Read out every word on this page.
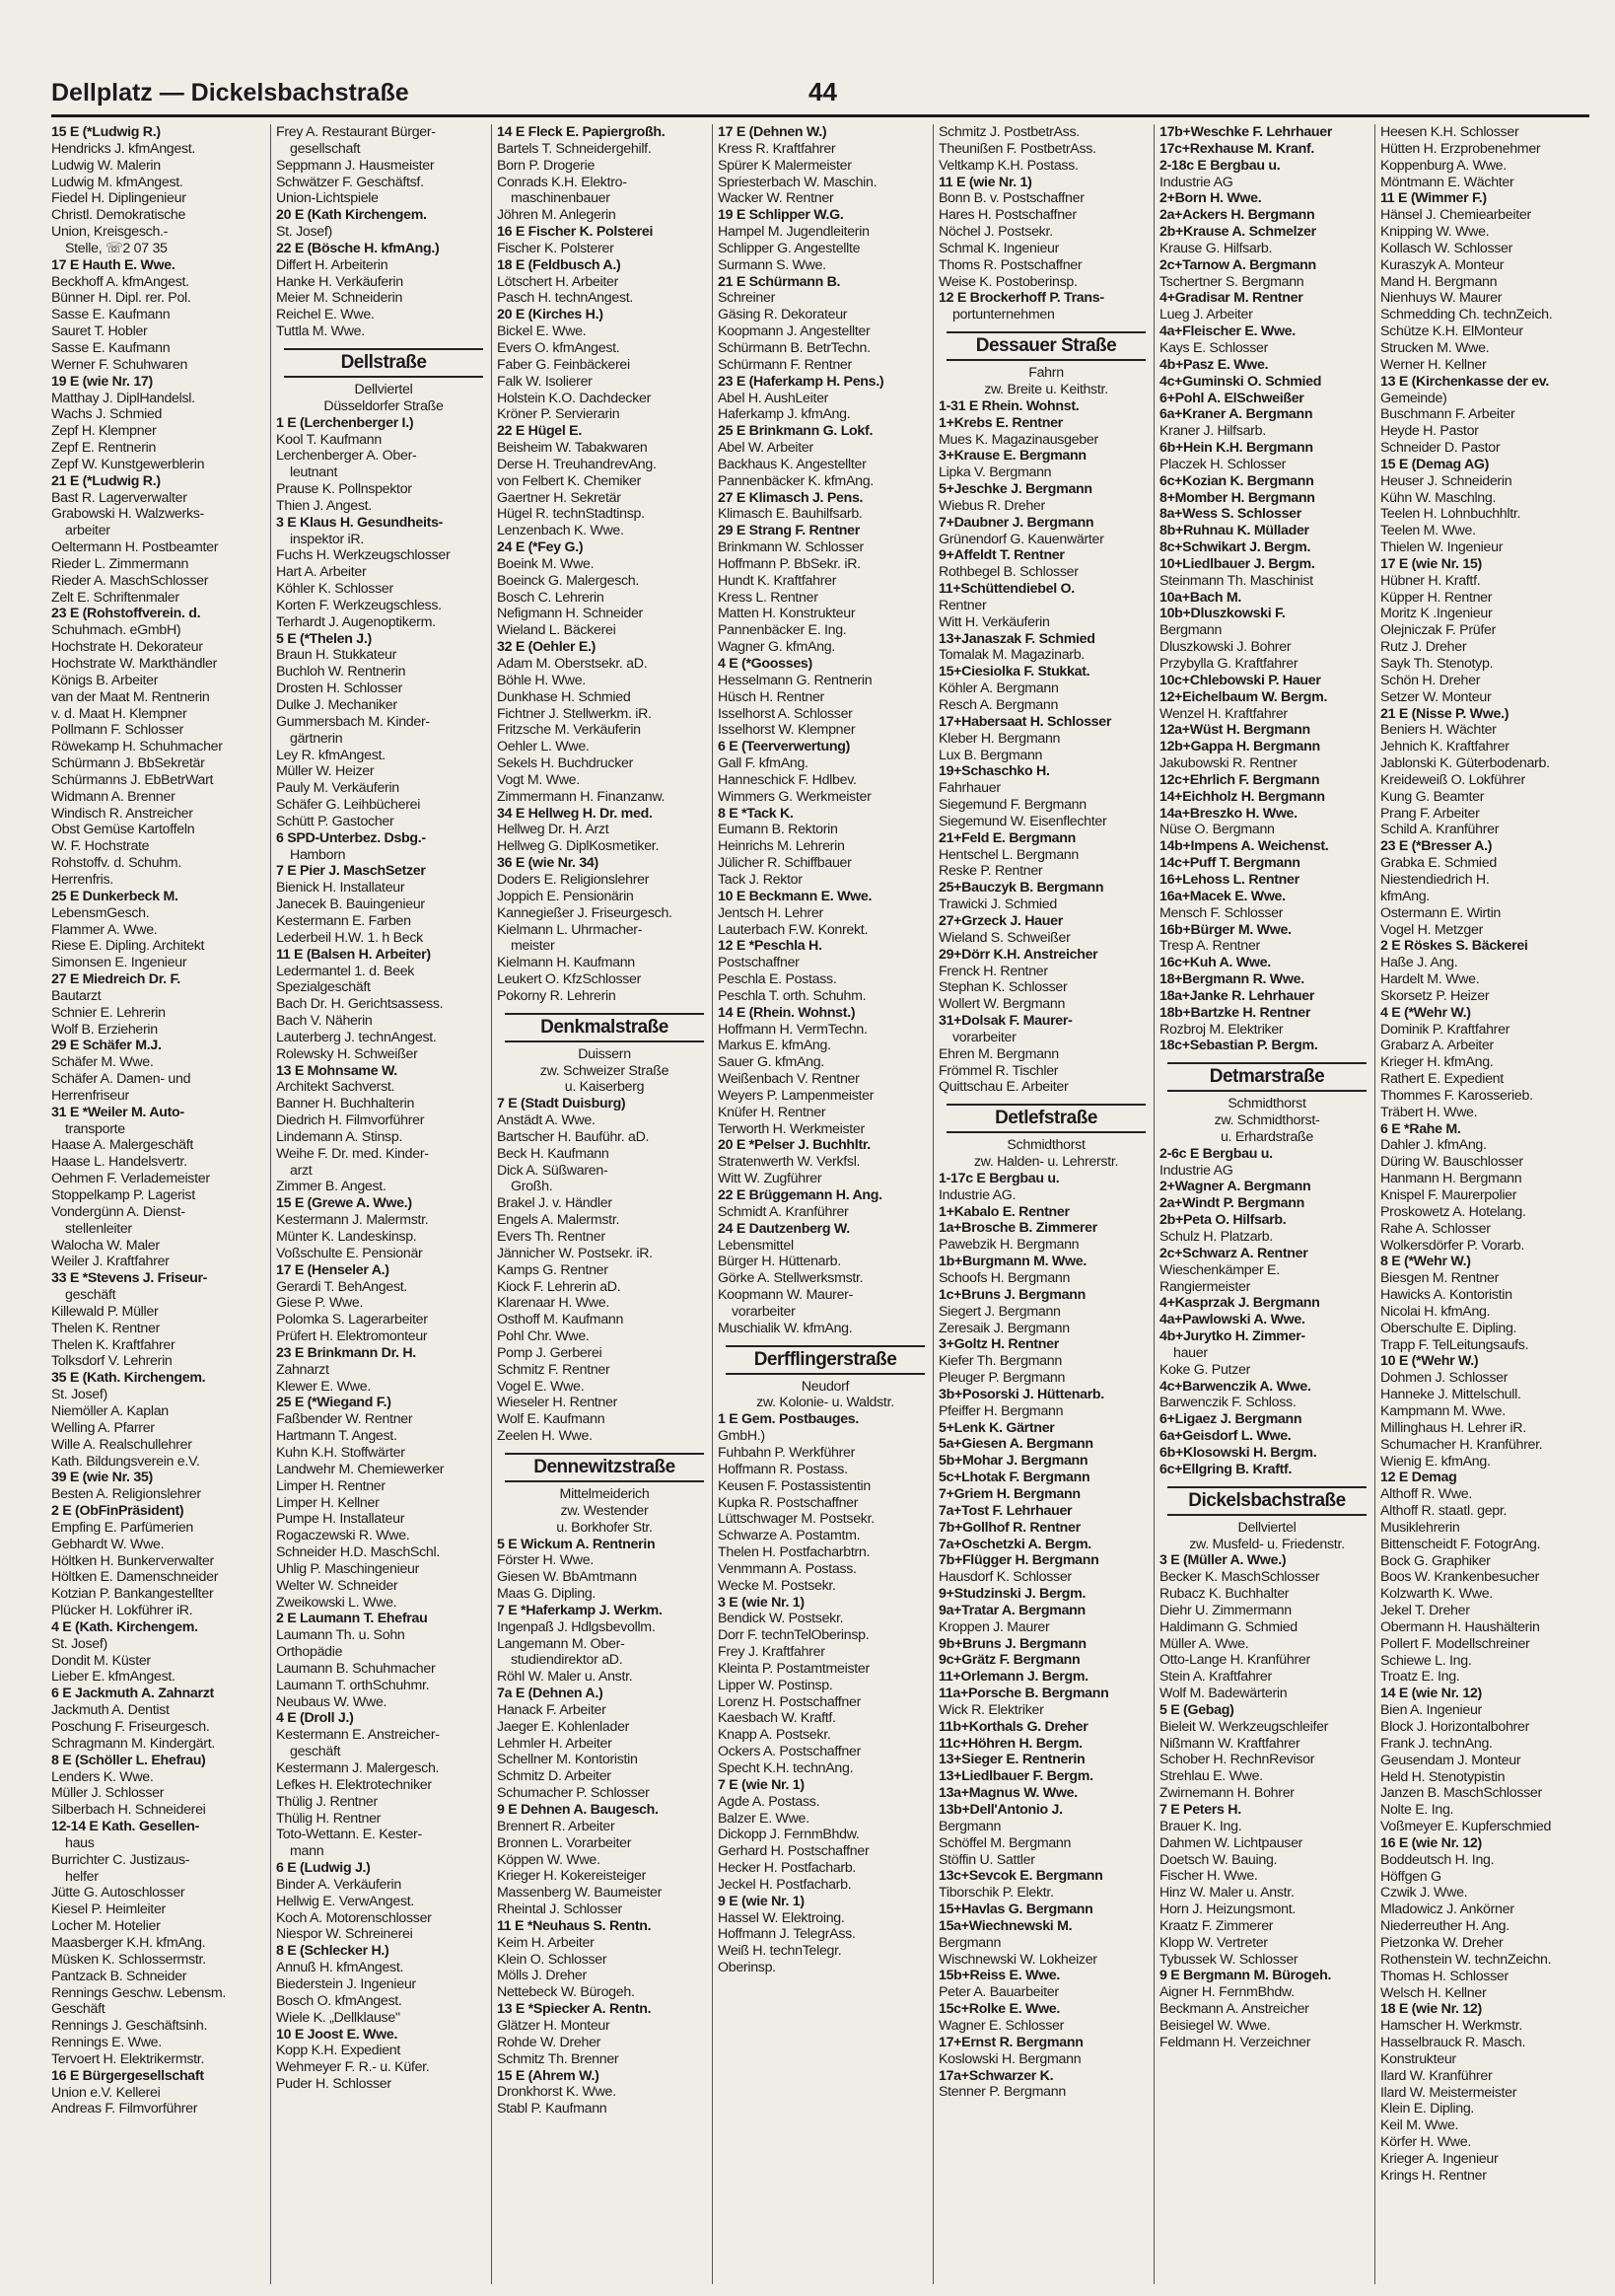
Dellplatz — Dickelsbachstraße	44
15 E (*Ludwig R.)
Hendricks J. kfmAngest.
Ludwig W. Malerin
Ludwig M. kfmAngest.
Fiedel H. Diplingenieur
Christl. Demokratische
Union, Kreisgesch.-
Stelle, ☏2 07 35
17 E Hauth E. Wwe.
Beckhoff A. kfmAngest.
Bünner H. Dipl. rer. Pol.
Sasse E. Kaufmann
Sauret T. Hobler
Sasse E. Kaufmann
Werner F. Schuhwaren
19 E (wie Nr. 17)
Matthay J. DiplHandelsl.
Wachs J. Schmied
Zepf H. Klempner
Zepf E. Rentnerin
Zepf W. Kunstgewerblerin
21 E (*Ludwig R.)
Bast R. Lagerverwalter
Grabowski H. Walzwerks-
arbeiter
Oeltermann H. Postbeamter
Rieder L. Zimmermann
Rieder A. MaschSchlosser
Zelt E. Schriftenmaler
23 E (Rohstoffverein. d.
Schuhmach. eGmbH)
Hochstrate H. Dekorateur
Hochstrate W. Markthändler
Königs B. Arbeiter
van der Maat M. Rentnerin
v. d. Maat H. Klempner
Pollmann F. Schlosser
Röwekamp H. Schuhmacher
Schürmann J. BbSekretär
Schürmanns J. EbBetrWart
Widmann A. Brenner
Windisch R. Anstreicher
Obst Gemüse Kartoffeln
W. F. Hochstrate
Rohstoffv. d. Schuhm.
Herrenfris.
25 E Dunkerbeck M.
LebensmGesch.
Flammer A. Wwe.
Riese E. Dipling. Architekt
Simonsen E. Ingenieur
27 E Miedreich Dr. F.
Bautarzt
Schnier E. Lehrerin
Wolf B. Erzieherin
29 E Schäfer M.J.
Schäfer M. Wwe.
Schäfer A. Damen- und
Herrenfriseur
31 E *Weiler M. Auto-
transporte
Haase A. Malergeschäft
Haase L. Handelsvertr.
Oehmen F. Verlademeister
Stoppelkamp P. Lagerist
Vondergünn A. Dienst-
stellenleiter
Walocha W. Maler
Weiler J. Kraftfahrer
33 E *Stevens J. Friseur-
geschäft
Killewald P. Müller
Thelen K. Rentner
Thelen K. Kraftfahrer
Tolksdorf V. Lehrerin
35 E (Kath. Kirchengem.
St. Josef)
Niemöller A. Kaplan
Welling A. Pfarrer
Wille A. Realschullehrer
Kath. Bildungsverein e.V.
39 E (wie Nr. 35)
Besten A. Religionslehrer
2 E (ObFinPräsident)
Empfing E. Parfümerien
Gebhardt W. Wwe.
Höltken H. Bunkerverwalter
Höltken E. Damenschneider
Kotzian P. Bankangestellter
Plücker H. Lokführer iR.
4 E (Kath. Kirchengem.
St. Josef)
Dondit M. Küster
Lieber E. kfmAngest.
6 E Jackmuth A. Zahnarzt
Jackmuth A. Dentist
Poschung F. Friseurgesch.
Schragmann M. Kindergärt.
8 E (Schöller L. Ehefrau)
Lenders K. Wwe.
Müller J. Schlosser
Silberbach H. Schneiderei
12-14 E Kath. Gesellen-
haus
Burrichter C. Justizaus-
helfer
Jütte G. Autoschlosser
Kiesel P. Heimleiter
Locher M. Hotelier
Maasberger K.H. kfmAng.
Müsken K. Schlossermstr.
Pantzack B. Schneider
Rennings Geschw. Lebensm.
Geschäft
Rennings J. Geschäftsinh.
Rennings E. Wwe.
Tervoert H. Elektrikermstr.
16 E Bürgergesellschaft
Union e.V. Kellerei
Andreas F. Filmvorführer
Frey A. Restaurant Bürger-
gesellschaft
Seppmann J. Hausmeister
Schwätzer F. Geschäftsf.
Union-Lichtspiele
20 E (Kath Kirchengem.
St. Josef)
22 E (Bösche H. kfmAng.)
Differt H. Arbeiterin
Hanke H. Verkäuferin
Meier M. Schneiderin
Reichel E. Wwe.
Tuttla M. Wwe.
Dellstraße
Dellviertel
Düsseldorfer Straße
1 E (Lerchenberger I.)
Kool T. Kaufmann
Lerchenberger A. Ober-
leutnant
Prause K. Pollnspektor
Thien J. Angest.
3 E Klaus H. Gesundheits-
inspektor iR.
Fuchs H. Werkzeugschlosser
Hart A. Arbeiter
Köhler K. Schlosser
Korten F. Werkzeugschless.
Terhardt J. Augenoptikerm.
5 E (*Thelen J.)
Braun H. Stukkateur
Buchloh W. Rentnerin
Drosten H. Schlosser
Dulke J. Mechaniker
Gummersbach M. Kinder-
gärtnerin
Ley R. kfmAngest.
Müller W. Heizer
Pauly M. Verkäuferin
Schäfer G. Leihbücherei
Schütt P. Gastocher
6 SPD-Unterbez. Dsbg.-
Hamborn
7 E Pier J. MaschSetzer
Bienick H. Installateur
Janecek B. Bauingenieur
Kestermann E. Farben
Lederbeil H.W. 1. h Beck
11 E (Balsen H. Arbeiter)
Ledermantel 1. d. Beek
Spezialgeschäft
Bach Dr. H. Gerichtsassess.
Bach V. Näherin
Lauterberg J. technAngest.
Rolewsky H. Schweißer
13 E Mohnsame W.
Architekt Sachverst.
Banner H. Buchhalterin
Diedrich H. Filmvorführer
Lindemann A. Stinsp.
Weihe F. Dr. med. Kinder-
arzt
Zimmer B. Angest.
15 E (Grewe A. Wwe.)
Kestermann J. Malermstr.
Münter K. Landeskinsp.
Voßschulte E. Pensionär
17 E (Henseler A.)
Gerardi T. BehAngest.
Giese P. Wwe.
Polomka S. Lagerarbeiter
Prüfert H. Elektromonteur
23 E Brinkmann Dr. H.
Zahnarzt
Klewer E. Wwe.
25 E (*Wiegand F.)
Faßbender W. Rentner
Hartmann T. Angest.
Kuhn K.H. Stoffwärter
Landwehr M. Chemiewerker
Limper H. Rentner
Limper H. Kellner
Pumpe H. Installateur
Rogaczewski R. Wwe.
Schneider H.D. MaschSchl.
Uhlig P. Maschingenieur
Welter W. Schneider
Zweikowski L. Wwe.
2 E Laumann T. Ehefrau
Laumann Th. u. Sohn
Orthopädie
Laumann B. Schuhmacher
Laumann T. orthSchuhmr.
Neubaus W. Wwe.
4 E (Droll J.)
Kestermann E. Anstreicher-
geschäft
Kestermann J. Malergesch.
Lefkes H. Elektrotechniker
Thülig J. Rentner
Thülig H. Rentner
Toto-Wettann. E. Kester-
mann
6 E (Ludwig J.)
Binder A. Verkäuferin
Hellwig E. VerwAngest.
Koch A. Motorenschlosser
Niespor W. Schreinerei
8 E (Schlecker H.)
Annuß H. kfmAngest.
Biederstein J. Ingenieur
Bosch O. kfmAngest.
Wiele K. „Dellklause"
10 E Joost E. Wwe.
Kopp K.H. Expedient
Wehmeyer F. R.- u. Küfer.
Puder H. Schlosser
14 E Fleck E. Papiergroßh.
Bartels T. Schneidergehilf.
Born P. Drogerie
Conrads K.H. Elektro-
maschinenbauer
Jöhren M. Anlegerin
16 E Fischer K. Polsterei
Fischer K. Polsterer
18 E (Feldbusch A.)
Lötschert H. Arbeiter
Pasch H. technAngest.
20 E (Kirches H.)
Bickel E. Wwe.
Evers O. kfmAngest.
Faber G. Feinbäckerei
Falk W. Isolierer
Holstein K.O. Dachdecker
Kröner P. Servierarin
22 E Hügel E.
Beisheim W. Tabakwaren
Derse H. TreuhandrevAng.
von Felbert K. Chemiker
Gaertner H. Sekretär
Hügel R. technStadtinsp.
Lenzenbach K. Wwe.
24 E (*Fey G.)
Boeink M. Wwe.
Boeinck G. Malergesch.
Bosch C. Lehrerin
Nefigmann H. Schneider
Wieland L. Bäckerei
32 E (Oehler E.)
Adam M. Oberstsekr. aD.
Böhle H. Wwe.
Dunkhase H. Schmied
Fichtner J. Stellwerkm. iR.
Fritzsche M. Verkäuferin
Oehler L. Wwe.
Sekels H. Buchdrucker
Vogt M. Wwe.
Zimmermann H. Finanzanw.
34 E Hellweg H. Dr. med.
Hellweg Dr. H. Arzt
Hellweg G. DiplKosmetiker.
36 E (wie Nr. 34)
Doders E. Religionslehrer
Joppich E. Pensionärin
Kannegießer J. Friseurgesch.
Kielmann L. Uhrmacher-
meister
Kielmann H. Kaufmann
Leukert O. KfzSchlosser
Pokorny R. Lehrerin
Denkmalstraße
Duissern
zw. Schweizer Straße
u. Kaiserberg
7 E (Stadt Duisburg)
Anstädt A. Wwe.
Bartscher H. Bauführ. aD.
Beck H. Kaufmann
Dick A. Süßwaren-
Großh.
Brakel J. v. Händler
Engels A. Malermstr.
Evers Th. Rentner
Jännicher W. Postsekr. iR.
Kamps G. Rentner
Kiock F. Lehrerin aD.
Klarenaar H. Wwe.
Osthoff M. Kaufmann
Pohl Chr. Wwe.
Pomp J. Gerberei
Schmitz F. Rentner
Vogel E. Wwe.
Wieseler H. Rentner
Wolf E. Kaufmann
Zeelen H. Wwe.
Dennewitzstraße
Mittelmeiderich
zw. Westender
u. Borkhofer Str.
5 E Wickum A. Rentnerin
Förster H. Wwe.
Giesen W. BbAmtmann
Maas G. Dipling.
7 E *Haferkamp J. Werkm.
Ingenpaß J. Hdlgsbevollm.
Langemann M. Ober-
studiendirektor aD.
Röhl W. Maler u. Anstr.
7a E (Dehnen A.)
Hanack F. Arbeiter
Jaeger E. Kohlenlader
Lehmler H. Arbeiter
Schellner M. Kontoristin
Schmitz D. Arbeiter
Schumacher P. Schlosser
9 E Dehnen A. Baugesch.
Brennert R. Arbeiter
Bronnen L. Vorarbeiter
Köppen W. Wwe.
Krieger H. Kokereisteiger
Massenberg W. Baumeister
Rheintal J. Schlosser
11 E *Neuhaus S. Rentn.
Keim H. Arbeiter
Klein O. Schlosser
Mölls J. Dreher
Nettebeck W. Bürogeh.
13 E *Spiecker A. Rentn.
Glätzer H. Monteur
Rohde W. Dreher
Schmitz Th. Brenner
15 E (Ahrem W.)
Dronkhorst K. Wwe.
Stabl P. Kaufmann
17 E (Dehnen W.)
Kress R. Kraftfahrer
Spürer K Malermeister
Spriesterbach W. Maschin.
Wacker W. Rentner
19 E Schlipper W.G.
Hampel M. Jugendleiterin
Schlipper G. Angestellte
Surmann S. Wwe.
21 E Schürmann B.
Schreiner
Gäsing R. Dekorateur
Koopmann J. Angestellter
Schürmann B. BetrTechn.
Schürmann F. Rentner
23 E (Haferkamp H. Pens.)
Abel H. AushLeiter
Haferkamp J. kfmAng.
25 E Brinkmann G. Lokf.
Abel W. Arbeiter
Backhaus K. Angestellter
Pannenbäcker K. kfmAng.
27 E Klimasch J. Pens.
Klimasch E. Bauhilfsarb.
29 E Strang F. Rentner
Brinkmann W. Schlosser
Hoffmann P. BbSekr. iR.
Hundt K. Kraftfahrer
Kress L. Rentner
Matten H. Konstrukteur
Pannenbäcker E. Ing.
Wagner G. kfmAng.
4 E (*Goosses)
Hesselmann G. Rentnerin
Hüsch H. Rentner
Isselhorst A. Schlosser
Isselhorst W. Klempner
6 E (Teerverwertung)
Gall F. kfmAng.
Hanneschick F. Hdlbev.
Wimmers G. Werkmeister
8 E *Tack K.
Eumann B. Rektorin
Heinrichs M. Lehrerin
Jülicher R. Schiffbauer
Tack J. Rektor
10 E Beckmann E. Wwe.
Jentsch H. Lehrer
Lauterbach F.W. Konrekt.
12 E *Peschla H.
Postschaffner
Peschla E. Postass.
Peschla T. orth. Schuhm.
14 E (Rhein. Wohnst.)
Hoffmann H. VermTechn.
Markus E. kfmAng.
Sauer G. kfmAng.
Weißenbach V. Rentner
Weyers P. Lampenmeister
Knüfer H. Rentner
Terworth H. Werkmeister
20 E *Pelser J. Buchhltr.
Stratenwerth W. Verkfsl.
Witt W. Zugführer
22 E Brüggemann H. Ang.
Schmidt A. Kranführer
24 E Dautzenberg W.
Lebensmittel
Bürger H. Hüttenarb.
Görke A. Stellwerksmstr.
Koopmann W. Maurer-
vorarbeiter
Muschialik W. kfmAng.
Derfflingerstraße
Neudorf
zw. Kolonie- u. Waldstr.
1 E Gem. Postbauges.
GmbH.)
Fuhbahn P. Werkführer
Hoffmann R. Postass.
Keusen F. Postassistentin
Kupka R. Postschaffner
Lüttschwager M. Postsekr.
Schwarze A. Postamtm.
Thelen H. Postfacharbtrn.
Venmmann A. Postass.
Wecke M. Postsekr.
3 E (wie Nr. 1)
Bendick W. Postsekr.
Dorr F. technTelOberinsp.
Frey J. Kraftfahrer
Kleinta P. Postamtmeister
Lipper W. Postinsp.
Lorenz H. Postschaffner
Kaesbach W. Kraftf.
Knapp A. Postsekr.
Ockers A. Postschaffner
Specht K.H. technAng.
7 E (wie Nr. 1)
Agde A. Postass.
Balzer E. Wwe.
Dickopp J. FernmBhdw.
Gerhard H. Postschaffner
Hecker H. Postfacharb.
Jeckel H. Postfacharb.
9 E (wie Nr. 1)
Hassel W. Elektroing.
Hoffmann J. TelegrAss.
Weiß H. technTelegr.
Oberinsp.
Schmitz J. PostbetrAss.
Theunißen F. PostbetrAss.
Veltkamp K.H. Postass.
11 E (wie Nr. 1)
Bonn B. v. Postschaffner
Hares H. Postschaffner
Nöchel J. Postsekr.
Schmal K. Ingenieur
Thoms R. Postschaffner
Weise K. Postoberinsp.
12 E Brockerhoff P. Trans-
portunternehmen
Dessauer Straße
Fahrn
zw. Breite u. Keithstr.
1-31 E Rhein. Wohnst.
1+Krebs E. Rentner
Mues K. Magazinausgeber
3+Krause E. Bergmann
Lipka V. Bergmann
5+Jeschke J. Bergmann
Wiebus R. Dreher
7+Daubner J. Bergmann
Grünendorf G. Kauenwärter
9+Affeldt T. Rentner
Rothbegel B. Schlosser
11+Schüttendiebel O.
Rentner
Witt H. Verkäuferin
13+Janaszak F. Schmied
Tomalak M. Magazinarb.
15+Ciesiolka F. Stukkat.
Köhler A. Bergmann
Resch A. Bergmann
17+Habersaat H. Schlosser
Kleber H. Bergmann
Lux B. Bergmann
19+Schaschko H.
Fahrhauer
Siegemund F. Bergmann
Siegemund W. Eisenflechter
21+Feld E. Bergmann
Hentschel L. Bergmann
Reske P. Rentner
25+Bauczyk B. Bergmann
Trawicki J. Schmied
27+Grzeck J. Hauer
Wieland S. Schweißer
29+Dörr K.H. Anstreicher
Frenck H. Rentner
Stephan K. Schlosser
Wollert W. Bergmann
31+Dolsak F. Maurer-
vorarbeiter
Ehren M. Bergmann
Frömmel R. Tischler
Quittschau E. Arbeiter
Detlefstraße
Schmidthorst
zw. Halden- u. Lehrerstr.
1-17c E Bergbau u.
Industrie AG.
1+Kabalo E. Rentner
1a+Brosche B. Zimmerer
Pawebzik H. Bergmann
1b+Burgmann M. Wwe.
Schoofs H. Bergmann
1c+Bruns J. Bergmann
Siegert J. Bergmann
Zeresaik J. Bergmann
3+Goltz H. Rentner
Kiefer Th. Bergmann
Pleuger P. Bergmann
3b+Posorski J. Hüttenarb.
Pfeiffer H. Bergmann
5+Lenk K. Gärtner
5a+Giesen A. Bergmann
5b+Mohar J. Bergmann
5c+Lhotak F. Bergmann
7+Griem H. Bergmann
7a+Tost F. Lehrhauer
7b+Gollhof R. Rentner
7a+Oschetzki A. Bergm.
7b+Flügger H. Bergmann
Hausdorf K. Schlosser
9+Studzinski J. Bergm.
9a+Tratar A. Bergmann
Kroppen J. Maurer
9b+Bruns J. Bergmann
9c+Grätz F. Bergmann
11+Orlemann J. Bergm.
11a+Porsche B. Bergmann
Wick R. Elektriker
11b+Korthals G. Dreher
11c+Höhren H. Bergm.
13+Sieger E. Rentnerin
13+Liedlbauer F. Bergm.
13a+Magnus W. Wwe.
13b+Dell'Antonio J.
Bergmann
Schöffel M. Bergmann
Stöffin U. Sattler
13c+Sevcok E. Bergmann
Tiborschik P. Elektr.
15+Havlas G. Bergmann
15a+Wiechnewski M.
Bergmann
Wischnewski W. Lokheizer
15b+Reiss E. Wwe.
Peter A. Bauarbeiter
15c+Rolke E. Wwe.
Wagner E. Schlosser
17+Ernst R. Bergmann
Koslowski H. Bergmann
17a+Schwarzer K.
Stenner P. Bergmann
17b+Weschke F. Lehrhauer
17c+Rexhause M. Kranf.
2-18c E Bergbau u.
Industrie AG
2+Born H. Wwe.
2a+Ackers H. Bergmann
2b+Krause A. Schmelzer
Krause G. Hilfsarb.
2c+Tarnow A. Bergmann
Tschertner S. Bergmann
4+Gradisar M. Rentner
Lueg J. Arbeiter
4a+Fleischer E. Wwe.
Kays E. Schlosser
4b+Pasz E. Wwe.
4c+Guminski O. Schmied
6+Pohl A. ElSchweißer
6a+Kraner A. Bergmann
Kraner J. Hilfsarb.
6b+Hein K.H. Bergmann
Placzek H. Schlosser
6c+Kozian K. Bergmann
8+Momber H. Bergmann
8a+Wess S. Schlosser
8b+Ruhnau K. Müllader
8c+Schwikart J. Bergm.
10+Liedlbauer J. Bergm.
Steinmann Th. Maschinist
10a+Bach M.
10b+Dluszkowski F.
Bergmann
Dluszkowski J. Bohrer
Przybylla G. Kraftfahrer
10c+Chlebowski P. Hauer
12+Eichelbaum W. Bergm.
Wenzel H. Kraftfahrer
12a+Wüst H. Bergmann
12b+Gappa H. Bergmann
Jakubowski R. Rentner
12c+Ehrlich F. Bergmann
14+Eichholz H. Bergmann
14a+Breszko H. Wwe.
Nüse O. Bergmann
14b+Impens A. Weichenst.
14c+Puff T. Bergmann
16+Lehoss L. Rentner
16a+Macek E. Wwe.
Mensch F. Schlosser
16b+Bürger M. Wwe.
Tresp A. Rentner
16c+Kuh A. Wwe.
18+Bergmann R. Wwe.
18a+Janke R. Lehrhauer
18b+Bartzke H. Rentner
Rozbroj M. Elektriker
18c+Sebastian P. Bergm.
Detmarstraße
Schmidthorst
zw. Schmidthorst-
u. Erhardstraße
2-6c E Bergbau u.
Industrie AG
2+Wagner A. Bergmann
2a+Windt P. Bergmann
2b+Peta O. Hilfsarb.
Schulz H. Platzarb.
2c+Schwarz A. Rentner
Wieschenkämper E.
Rangiermeister
4+Kasprzak J. Bergmann
4a+Pawlowski A. Wwe.
4b+Jurytko H. Zimmer-
hauer
Koke G. Putzer
4c+Barwenczik A. Wwe.
Barwenczik F. Schloss.
6+Ligaez J. Bergmann
6a+Geisdorf L. Wwe.
6b+Klosowski H. Bergm.
6c+Ellgring B. Kraftf.
Dickelsbachstraße
Dellviertel
zw. Musfeld- u. Friedenstr.
3 E (Müller A. Wwe.)
Becker K. MaschSchlosser
Rubacz K. Buchhalter
Diehr U. Zimmermann
Haldimann G. Schmied
Müller A. Wwe.
Otto-Lange H. Kranführer
Stein A. Kraftfahrer
Wolf M. Badewärterin
5 E (Gebag)
Bieleit W. Werkzeugschleifer
Nißmann W. Kraftfahrer
Schober H. RechnRevisor
Strehlau E. Wwe.
Zwirnemann H. Bohrer
7 E Peters H.
Brauer K. Ing.
Dahmen W. Lichtpauser
Doetsch W. Bauing.
Fischer H. Wwe.
Hinz W. Maler u. Anstr.
Horn J. Heizungsmont.
Kraatz F. Zimmerer
Klopp W. Vertreter
Tybussek W. Schlosser
9 E Bergmann M. Bürogeh.
Aigner H. FernmBhdw.
Beckmann A. Anstreicher
Beisiegel W. Wwe.
Feldmann H. Verzeichner
Heesen K.H. Schlosser
Hütten H. Erzprobenehmer
Koppenburg A. Wwe.
Möntmann E. Wächter
11 E (Wimmer F.)
Hänsel J. Chemiearbeiter
Knipping W. Wwe.
Kollasch W. Schlosser
Kuraszyk A. Monteur
Mand H. Bergmann
Nienhuys W. Maurer
Schmedding Ch. technZeich.
Schütze K.H. ElMonteur
Strucken M. Wwe.
Werner H. Kellner
13 E (Kirchenkasse der ev.
Gemeinde)
Buschmann F. Arbeiter
Heyde H. Pastor
Schneider D. Pastor
15 E (Demag AG)
Heuser J. Schneiderin
Kühn W. Maschlng.
Teelen H. Lohnbuchhltr.
Teelen M. Wwe.
Thielen W. Ingenieur
17 E (wie Nr. 15)
Hübner H. Kraftf.
Küpper H. Rentner
Moritz K .Ingenieur
Olejniczak F. Prüfer
Rutz J. Dreher
Sayk Th. Stenotyp.
Schön H. Dreher
Setzer W. Monteur
21 E (Nisse P. Wwe.)
Beniers H. Wächter
Jehnich K. Kraftfahrer
Jablonski K. Güterbodenarb.
Kreideweiß O. Lokführer
Kung G. Beamter
Prang F. Arbeiter
Schild A. Kranführer
23 E (*Bresser A.)
Grabka E. Schmied
Niestendiedrich H.
kfmAng.
Ostermann E. Wirtin
Vogel H. Metzger
2 E Röskes S. Bäckerei
Haße J. Ang.
Hardelt M. Wwe.
Skorsetz P. Heizer
4 E (*Wehr W.)
Dominik P. Kraftfahrer
Grabarz A. Arbeiter
Krieger H. kfmAng.
Rathert E. Expedient
Thommes F. Karosserieb.
Träbert H. Wwe.
6 E *Rahe M.
Dahler J. kfmAng.
Düring W. Bauschlosser
Hanmann H. Bergmann
Knispel F. Maurerpolier
Proskowetz A. Hotelang.
Rahe A. Schlosser
Wolkersdörfer P. Vorarb.
8 E (*Wehr W.)
Biesgen M. Rentner
Hawicks A. Kontoristin
Nicolai H. kfmAng.
Oberschulte E. Dipling.
Trapp F. TelLeitungsaufs.
10 E (*Wehr W.)
Dohmen J. Schlosser
Hanneke J. Mittelschull.
Kampmann M. Wwe.
Millinghaus H. Lehrer iR.
Schumacher H. Kranführer.
Wienig E. kfmAng.
12 E Demag
Althoff R. Wwe.
Althoff R. staatl. gepr.
Musiklehrerin
Bittenscheidt F. FotogrAng.
Bock G. Graphiker
Boos W. Krankenbesucher
Kolzwarth K. Wwe.
Jekel T. Dreher
Obermann H. Haushälterin
Pollert F. Modellschreiner
Schiewe L. Ing.
Troatz E. Ing.
14 E (wie Nr. 12)
Bien A. Ingenieur
Block J. Horizontalbohrer
Frank J. technAng.
Geusendam J. Monteur
Held H. Stenotypistin
Janzen B. MaschSchlosser
Nolte E. Ing.
Voßmeyer E. Kupferschmied
16 E (wie Nr. 12)
Boddeutsch H. Ing.
Höffgen G
Czwik J. Wwe.
Mladowicz J. Ankörner
Niederreuther H. Ang.
Pietzonka W. Dreher
Rothenstein W. technZeichn.
Thomas H. Schlosser
Welsch H. Kellner
18 E (wie Nr. 12)
Hamscher H. Werkmstr.
Hasselbrauck R. Masch.
Konstrukteur
Ilard W. Kranführer
Ilard W. Meistermeister
Klein E. Dipling.
Keil M. Wwe.
Körfer H. Wwe.
Krieger A. Ingenieur
Krings H. Rentner
